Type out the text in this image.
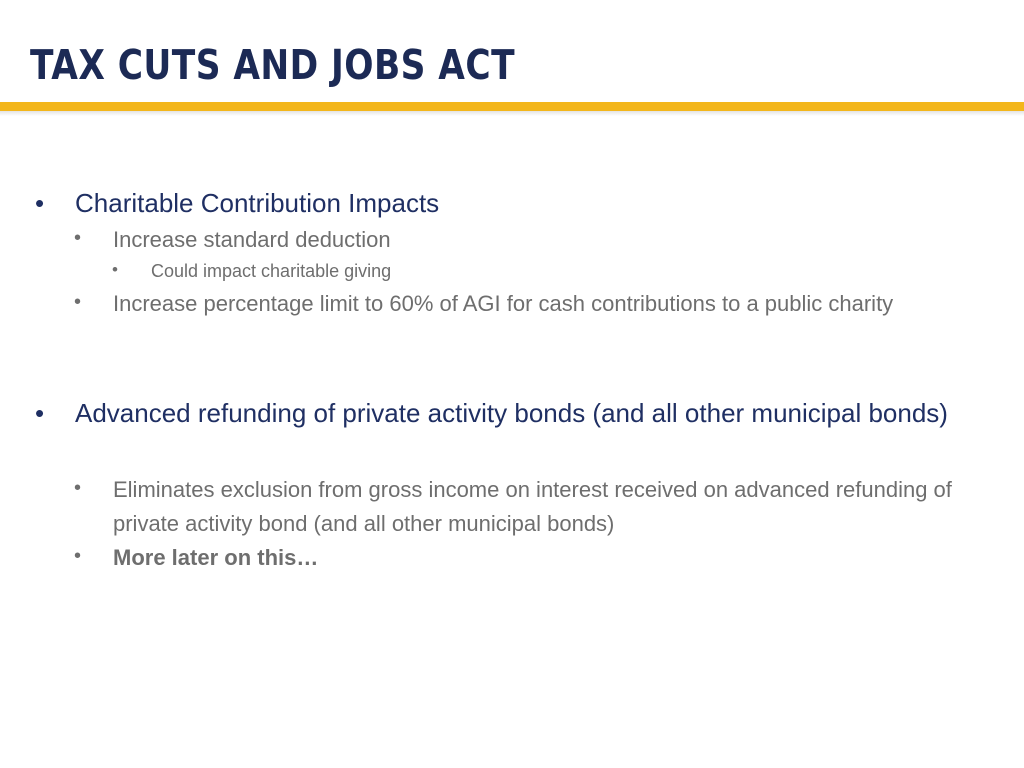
TAX CUTS AND JOBS ACT

• Charitable Contribution Impacts

• Increase standard deduction

• Could impact charitable giving

• Increase percentage limit to 60% of AGI for cash contributions to a public charity

• Advanced refunding of private activity bonds (and all other municipal bonds)

• Eliminates exclusion from gross income on interest received on advanced refunding of private activity bond (and all other municipal bonds)

• More later on this…
